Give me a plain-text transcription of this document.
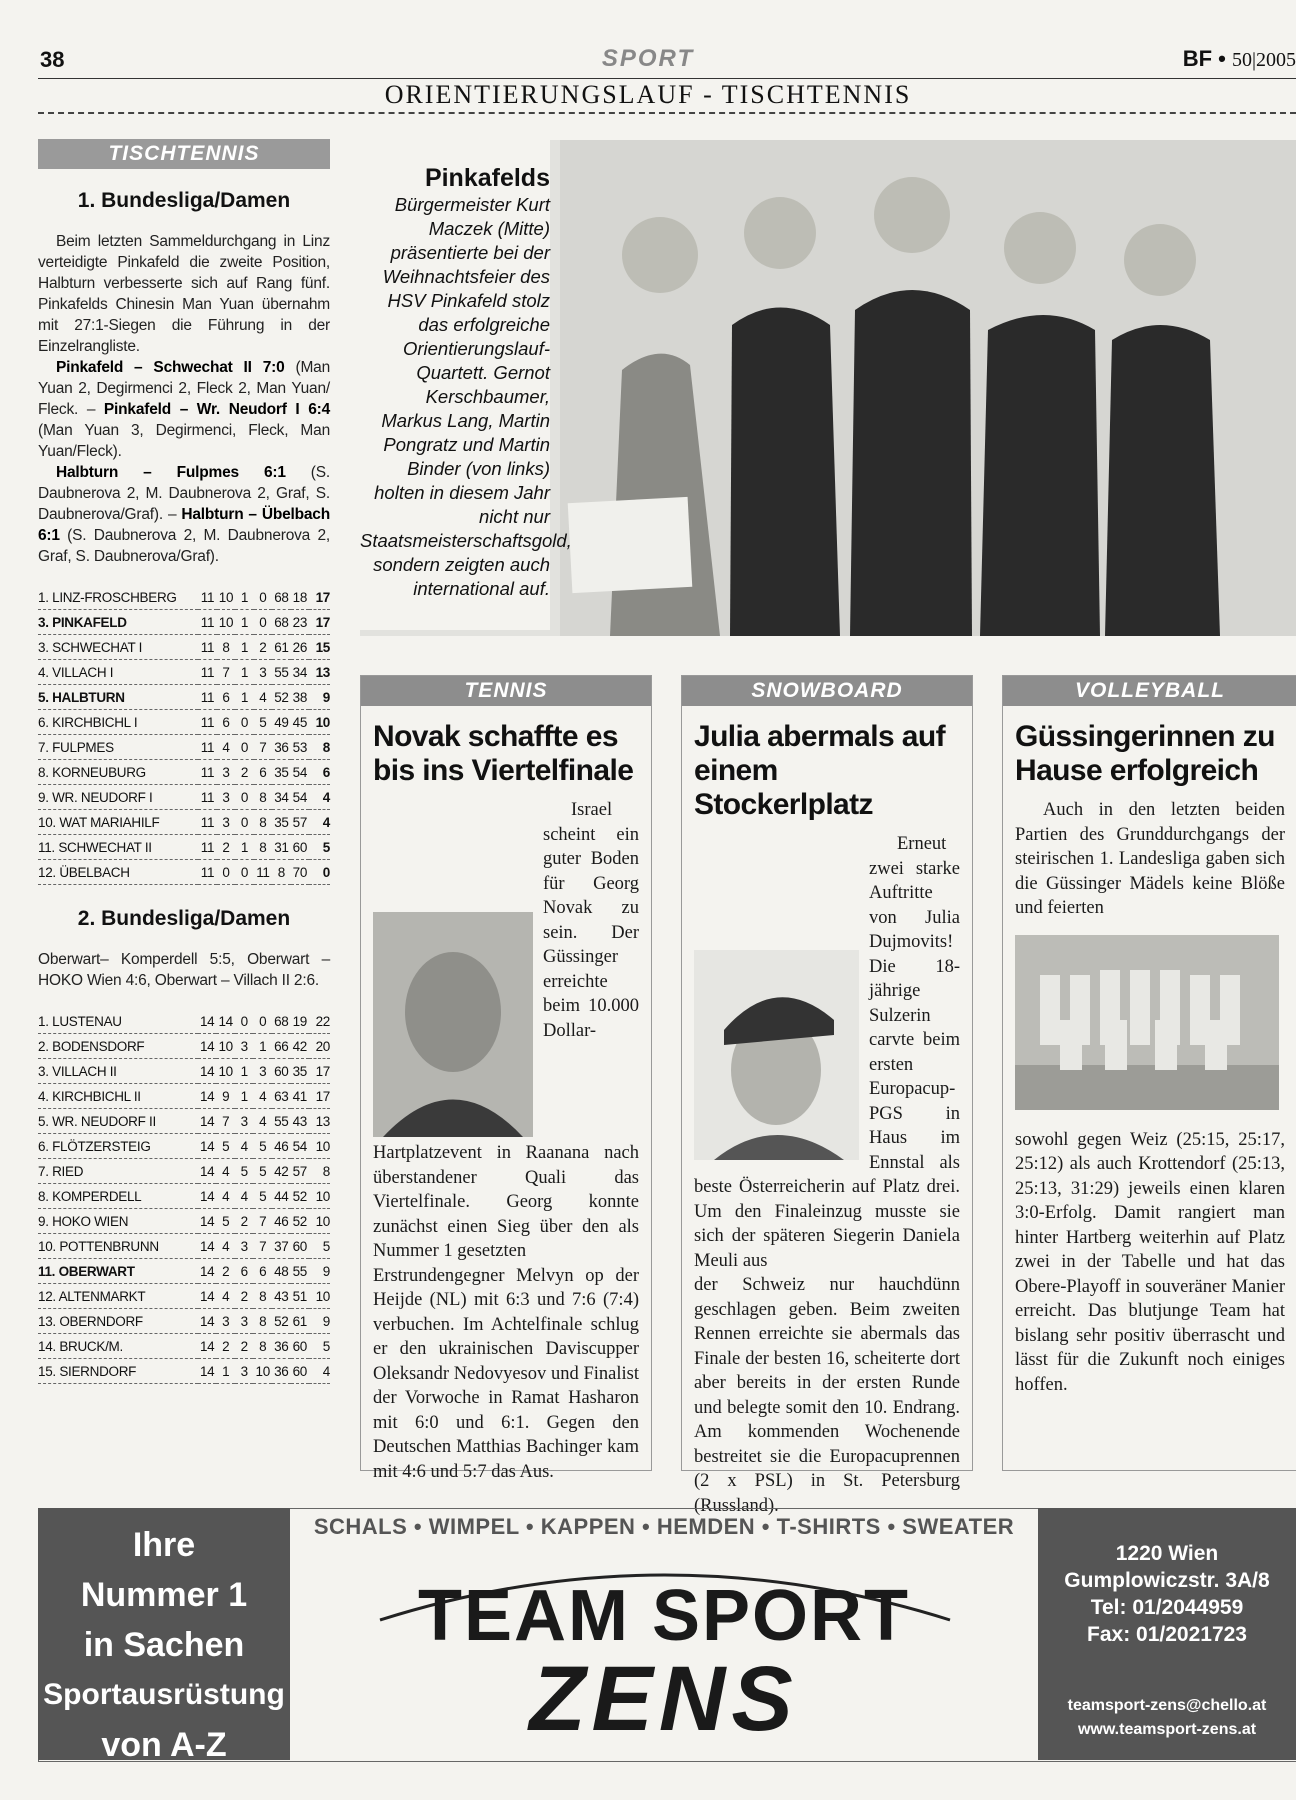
38	SPORT	BF • 50|2005
ORIENTIERUNGSLAUF - TISCHTENNIS
TISCHTENNIS
1. Bundesliga/Damen

Beim letzten Sammeldurchgang in Linz verteidigte Pinkafeld die zweite Position, Halbturn verbesserte sich auf Rang fünf. Pinkafelds Chinesin Man Yuan übernahm mit 27:1-Siegen die Führung in der Einzelrangliste.

Pinkafeld – Schwechat II 7:0 (Man Yuan 2, Degirmenci 2, Fleck 2, Man Yuan/ Fleck. – Pinkafeld – Wr. Neudorf I 6:4 (Man Yuan 3, Degirmenci, Fleck, Man Yuan/Fleck).

Halbturn – Fulpmes 6:1 (S. Daubnerova 2, M. Daubnerova 2, Graf, S. Daubnerova/Graf). – Halbturn – Übelbach 6:1 (S. Daubnerova 2, M. Daubnerova 2, Graf, S. Daubnerova/Graf).

1. LINZ-FROSCHBERG	11	10	1	0	68	18	17
3. PINKAFELD	11	10	1	0	68	23	17
3. SCHWECHAT I	11	8	1	2	61	26	15
4. VILLACH I	11	7	1	3	55	34	13
5. HALBTURN	11	6	1	4	52	38	9
6. KIRCHBICHL I	11	6	0	5	49	45	10
7. FULPMES	11	4	0	7	36	53	8
8. KORNEUBURG	11	3	2	6	35	54	6
9. WR. NEUDORF I	11	3	0	8	34	54	4
10. WAT MARIAHILF	11	3	0	8	35	57	4
11. SCHWECHAT II	11	2	1	8	31	60	5
12. ÜBELBACH	11	0	0	11	8	70	0
2. Bundesliga/Damen
Oberwart– Komperdell 5:5, Oberwart – HOKO Wien 4:6, Oberwart – Villach II 2:6.
1. LUSTENAU	14	14	0	0	68	19	22
2. BODENSDORF	14	10	3	1	66	42	20
3. VILLACH II	14	10	1	3	60	35	17
4. KIRCHBICHL II	14	9	1	4	63	41	17
5. WR. NEUDORF II	14	7	3	4	55	43	13
6. FLÖTZERSTEIG	14	5	4	5	46	54	10
7. RIED	14	4	5	5	42	57	8
8. KOMPERDELL	14	4	4	5	44	52	10
9. HOKO WIEN	14	5	2	7	46	52	10
10. POTTENBRUNN	14	4	3	7	37	60	5
11. OBERWART	14	2	6	6	48	55	9
12. ALTENMARKT	14	4	2	8	43	51	10
13. OBERNDORF	14	3	3	8	52	61	9
14. BRUCK/M.	14	2	2	8	36	60	5
15. SIERNDORF	14	1	3	10	36	60	4
Pinkafelds Bürgermeister Kurt Maczek (Mitte) präsentierte bei der Weihnachtsfeier des HSV Pinkafeld stolz das erfolgreiche Orientierungslauf-Quartett. Gernot Kerschbaumer, Markus Lang, Martin Pongratz und Martin Binder (von links) holten in diesem Jahr nicht nur Staatsmeisterschaftsgold, sondern zeigten auch international auf.
TENNIS
Novak schaffte es bis ins Viertelfinale

Israel scheint ein guter Boden für Georg Novak zu sein. Der Güssinger erreichte beim 10.000 Dollar-Hartplatzevent in Raanana nach überstandener Quali das Viertelfinale. Georg konnte zunächst einen Sieg über den als Nummer 1 gesetzten

Erstrundengegner Melvyn op der Heijde (NL) mit 6:3 und 7:6 (7:4) verbuchen. Im Achtelfinale schlug er den ukrainischen Daviscupper Oleksandr Nedovyesov und Finalist der Vorwoche in Ramat Hasharon mit 6:0 und 6:1. Gegen den Deutschen Matthias Bachinger kam mit 4:6 und 5:7 das Aus.

SNOWBOARD
Julia abermals auf einem Stockerlplatz

Erneut zwei starke Auftritte von Julia Dujmovits! Die 18-jährige Sulzerin carvte beim ersten Europacup-PGS in Haus im Ennstal als beste Österreicherin auf Platz drei. Um den Finaleinzug musste sie sich der späteren Siegerin Daniela Meuli aus

der Schweiz nur hauchdünn geschlagen geben. Beim zweiten Rennen erreichte sie abermals das Finale der besten 16, scheiterte dort aber bereits in der ersten Runde und belegte somit den 10. Endrang. Am kommenden Wochenende bestreitet sie die Europacuprennen (2 x PSL) in St. Petersburg (Russland).

VOLLEYBALL
Güssingerinnen zu Hause erfolgreich

Auch in den letzten beiden Partien des Grunddurchgangs der steirischen 1. Landesliga gaben sich die Güssinger Mädels keine Blöße und feierten

sowohl gegen Weiz (25:15, 25:17, 25:12) als auch Krottendorf (25:13, 25:13, 31:29) jeweils einen klaren 3:0-Erfolg. Damit rangiert man hinter Hartberg weiterhin auf Platz zwei in der Tabelle und hat das Obere-Playoff in souveräner Manier erreicht. Das blutjunge Team hat bislang sehr positiv überrascht und lässt für die Zukunft noch einiges hoffen.

Ihre
Nummer 1
in Sachen
Sportausrüstung
von A-Z
SCHALS • WIMPEL • KAPPEN • HEMDEN • T-SHIRTS • SWEATER
TEAM SPORT
ZENS
1220 Wien
Gumplowiczstr. 3A/8
Tel: 01/2044959
Fax: 01/2021723
teamsport-zens@chello.at
www.teamsport-zens.at
